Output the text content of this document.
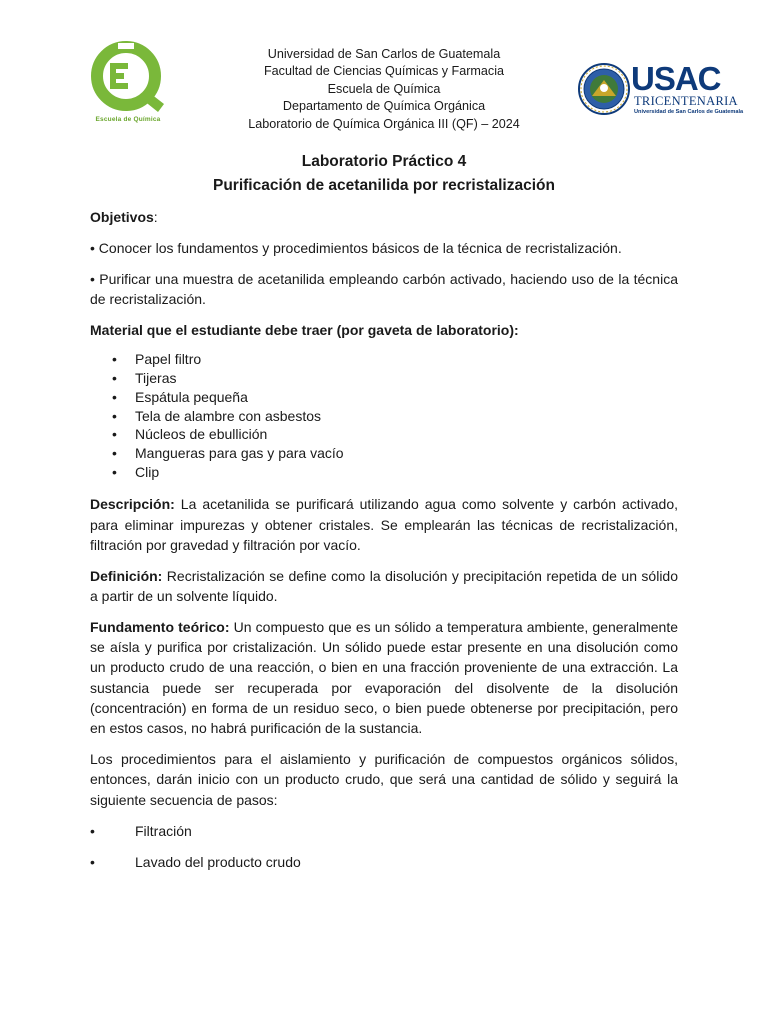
Escuela de Química
Universidad de San Carlos de Guatemala
Facultad de Ciencias Químicas y Farmacia
Escuela de Química
Departamento de Química Orgánica
Laboratorio de Química Orgánica III (QF) – 2024
USAC
TRICENTENARIA
Universidad de San Carlos de Guatemala
Laboratorio Práctico 4
Purificación de acetanilida por recristalización

Objetivos:

• Conocer los fundamentos y procedimientos básicos de la técnica de recristalización.

• Purificar una muestra de acetanilida empleando carbón activado, haciendo uso de la técnica de recristalización.

Material que el estudiante debe traer (por gaveta de laboratorio):

• Papel filtro
• Tijeras
• Espátula pequeña
• Tela de alambre con asbestos
• Núcleos de ebullición
• Mangueras para gas y para vacío
• Clip

Descripción: La acetanilida se purificará utilizando agua como solvente y carbón activado, para eliminar impurezas y obtener cristales. Se emplearán las técnicas de recristalización, filtración por gravedad y filtración por vacío.

Definición: Recristalización se define como la disolución y precipitación repetida de un sólido a partir de un solvente líquido.

Fundamento teórico: Un compuesto que es un sólido a temperatura ambiente, generalmente se aísla y purifica por cristalización. Un sólido puede estar presente en una disolución como un producto crudo de una reacción, o bien en una fracción proveniente de una extracción. La sustancia puede ser recuperada por evaporación del disolvente de la disolución (concentración) en forma de un residuo seco, o bien puede obtenerse por precipitación, pero en estos casos, no habrá purificación de la sustancia.

Los procedimientos para el aislamiento y purificación de compuestos orgánicos sólidos, entonces, darán inicio con un producto crudo, que será una cantidad de sólido y seguirá la siguiente secuencia de pasos:

•	Filtración
•	Lavado del producto crudo
